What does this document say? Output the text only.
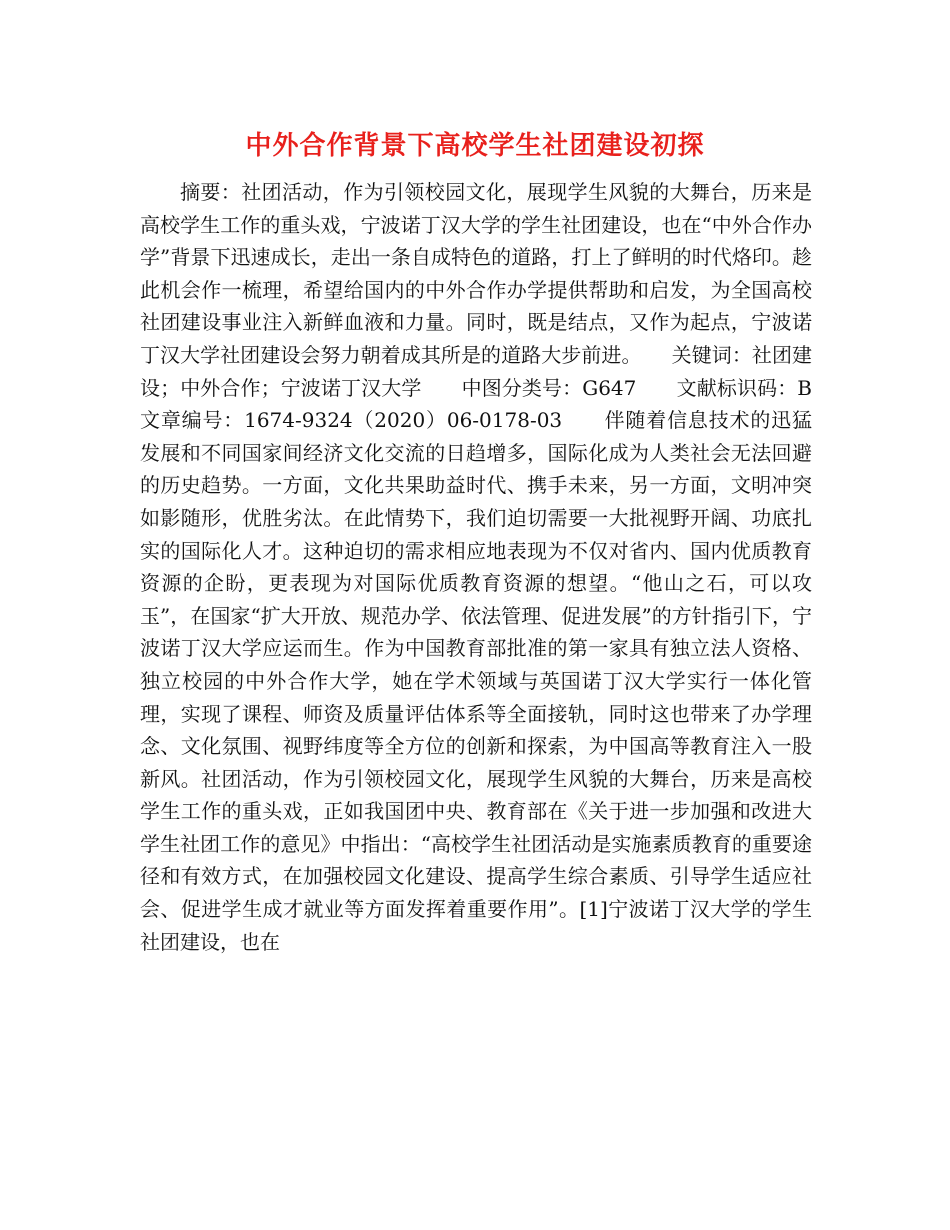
中外合作背景下高校学生社团建设初探

摘要：社团活动，作为引领校园文化，展现学生风貌的大舞台，历来是高校学生工作的重头戏，宁波诺丁汉大学的学生社团建设，也在“中外合作办学”背景下迅速成长，走出一条自成特色的道路，打上了鲜明的时代烙印。趁此机会作一梳理，希望给国内的中外合作办学提供帮助和启发，为全国高校社团建设事业注入新鲜血液和力量。同时，既是结点，又作为起点，宁波诺丁汉大学社团建设会努力朝着成其所是的道路大步前进。　　关键词：社团建设；中外合作；宁波诺丁汉大学　　中图分类号：G647　　文献标识码：B　　文章编号：1674-9324（2020）06-0178-03　　伴随着信息技术的迅猛发展和不同国家间经济文化交流的日趋增多，国际化成为人类社会无法回避的历史趋势。一方面，文化共果助益时代、携手未来，另一方面，文明冲突如影随形，优胜劣汰。在此情势下，我们迫切需要一大批视野开阔、功底扎实的国际化人才。这种迫切的需求相应地表现为不仅对省内、国内优质教育资源的企盼，更表现为对国际优质教育资源的想望。“他山之石，可以攻玉”，在国家“扩大开放、规范办学、依法管理、促进发展”的方针指引下，宁波诺丁汉大学应运而生。作为中国教育部批准的第一家具有独立法人资格、独立校园的中外合作大学，她在学术领域与英国诺丁汉大学实行一体化管理，实现了课程、师资及质量评估体系等全面接轨，同时这也带来了办学理念、文化氛围、视野纬度等全方位的创新和探索，为中国高等教育注入一股新风。社团活动，作为引领校园文化，展现学生风貌的大舞台，历来是高校学生工作的重头戏，正如我国团中央、教育部在《关于进一步加强和改进大学生社团工作的意见》中指出：“高校学生社团活动是实施素质教育的重要途径和有效方式，在加强校园文化建设、提高学生综合素质、引导学生适应社会、促进学生成才就业等方面发挥着重要作用”。[1]宁波诺丁汉大学的学生社团建设，也在
